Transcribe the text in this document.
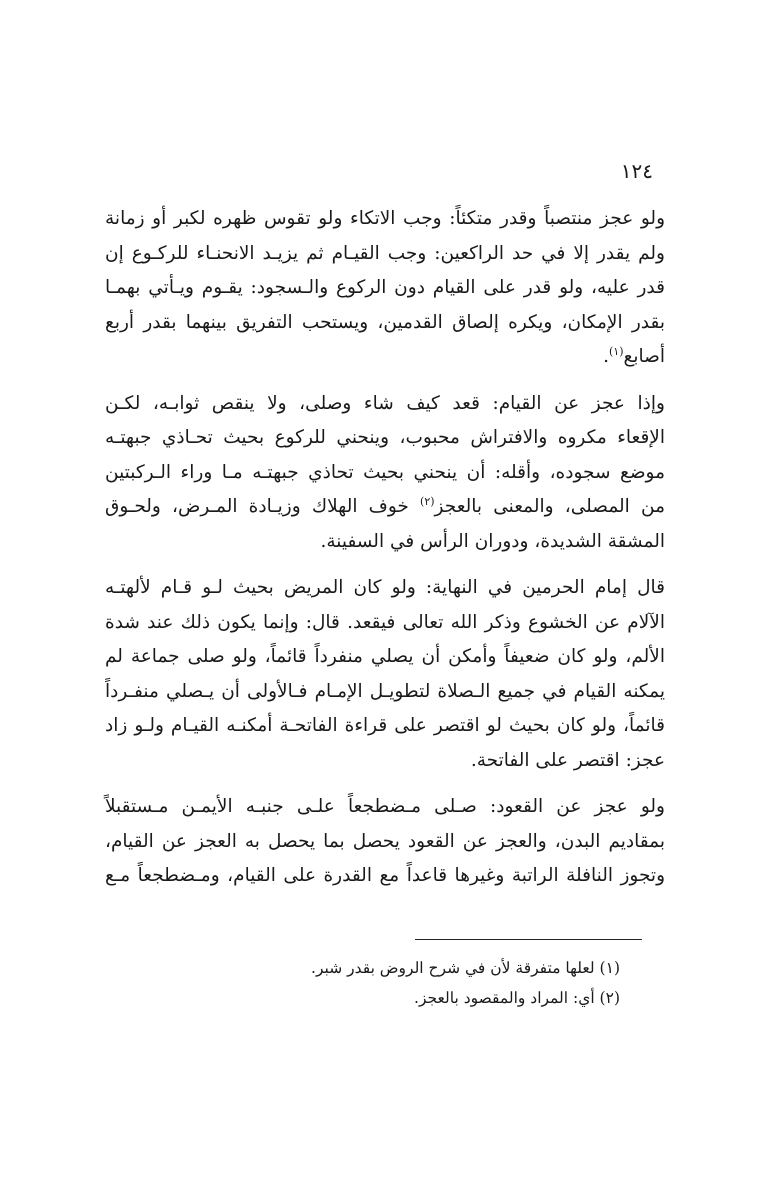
١٢٤
ولو عجز منتصباً وقدر متكئاً: وجب الاتكاء ولو تقوس ظهره لكبر أو زمانة
ولم يقدر إلا في حد الراكعين: وجب القيـام ثم يزيـد الانحنـاء للركـوع إن
قدر عليه، ولو قدر على القيام دون الركوع والـسجود: يقـوم ويـأتي بهمـا
بقدر الإمكان، ويكره إلصاق القدمين، ويستحب التفريق بينهما بقدر أربع
أصابع$^{(١)}$.
وإذا عجز عن القيام: قعد كيف شاء وصلى، ولا ينقص ثوابـه، لكـن
الإقعاء مكروه والافتراش محبوب، وينحني للركوع بحيث تحـاذي جبهتـه
موضع سجوده، وأقله: أن ينحني بحيث تحاذي جبهتـه مـا وراء الـركبتين
من المصلى، والمعنى بالعجز$^{(٢)}$ خوف الهلاك وزيـادة المـرض، ولحـوق
المشقة الشديدة، ودوران الرأس في السفينة.
قال إمام الحرمين في النهاية: ولو كان المريض بحيث لـو قـام لألهتـه
الآلام عن الخشوع وذكر الله تعالى فيقعد. قال: وإنما يكون ذلك عند شدة
الألم، ولو كان ضعيفاً وأمكن أن يصلي منفرداً قائماً، ولو صلى جماعة لم
يمكنه القيام في جميع الـصلاة لتطويـل الإمـام فـالأولى أن يـصلي منفـرداً
قائماً، ولو كان بحيث لو اقتصر على قراءة الفاتحـة أمكنـه القيـام ولـو زاد
عجز: اقتصر على الفاتحة.
ولو عجز عن القعود: صـلى مـضطجعاً علـى جنبـه الأيمـن مـستقبلاً
بمقاديم البدن، والعجز عن القعود يحصل بما يحصل به العجز عن القيام،
وتجوز النافلة الراتبة وغيرها قاعداً مع القدرة على القيام، ومـضطجعاً مـع
(١) لعلها متفرقة لأن في شرح الروض بقدر شبر.
(٢) أي: المراد والمقصود بالعجز.
